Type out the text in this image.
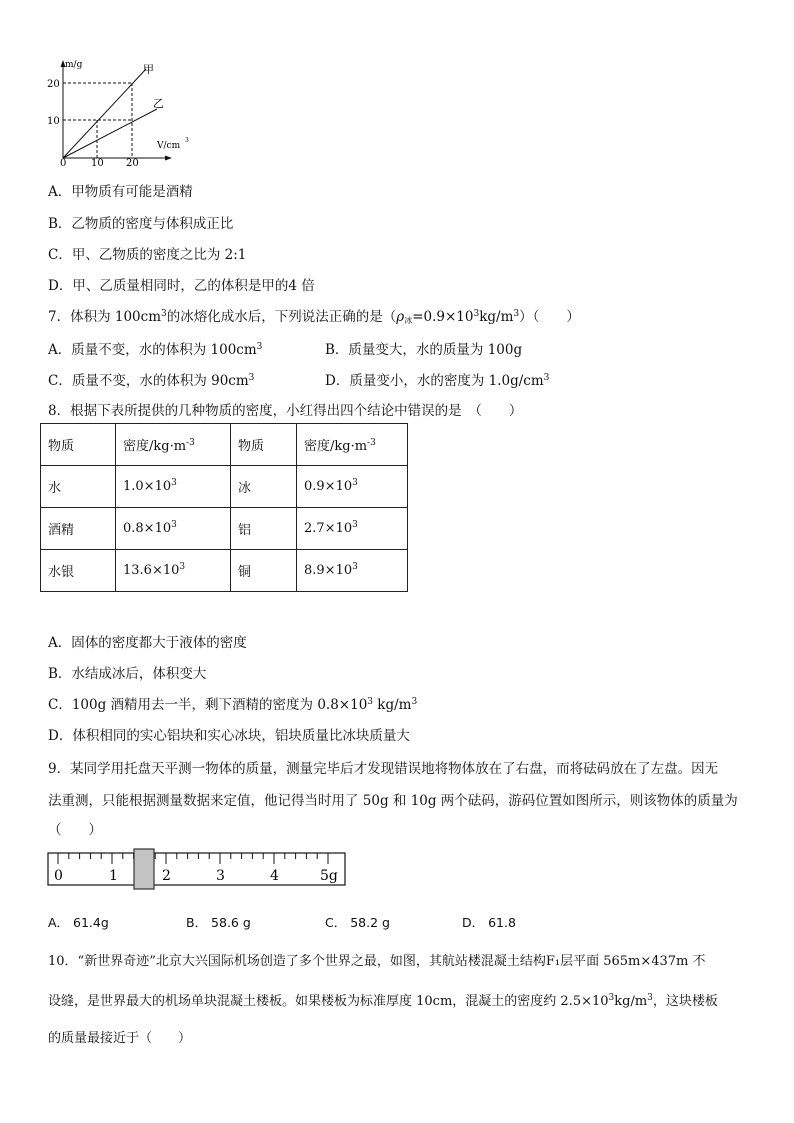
m/g	甲
乙
20
10
0 10 20
V/cm
3
A．甲物质有可能是酒精
B．乙物质的密度与体积成正比
C．甲、乙物质的密度之比为 2:1
D．甲、乙质量相同时，乙的体积是甲的4 倍
7．体积为 $100cm^3$的冰熔化成水后，下列说法正确的是$(\rho_冰=0.9\times 10^3kg/m^3)$（　　）
A．质量不变，水的体积为 $100cm^3$	B．质量变大，水的质量为 100g
C．质量不变，水的体积为 $90cm^3$	D．质量变小，水的密度为 $1.0g/cm^3$
8．根据下表所提供的几种物质的密度，小红得出四个结论中错误的是　（　　）
物质	密度$/kg\cdot m^{-3}$	物质	密度$/kg\cdot m^{-3}$
水	$1.0\times 10^3$	冰	$0.9\times 10^3$
酒精	$0.8\times 10^3$	铝	$2.7\times 10^3$
水银	$13.6\times 10^3$	铜	$8.9\times 10^3$
A．固体的密度都大于液体的密度
B．水结成冰后，体积变大
C．100g 酒精用去一半，剩下酒精的密度为 $0.8\times 10^3$ $kg/m^3$
D．体积相同的实心铝块和实心冰块，铝块质量比冰块质量大
9．某同学用托盘天平测一物体的质量，测量完毕后才发现错误地将物体放在了右盘，而将砝码放在了左盘。因无
法重测，只能根据测量数据来定值，他记得当时用了 50g 和 10g 两个砝码，游码位置如图所示，则该物体的质量为
（　　）
0	1	2	3	4	5g
A． 61.4g	B． 58.6 g	C． 58.2 g	D． 61.8
10．“新世界奇迹”北京大兴国际机场创造了多个世界之最，如图，其航站楼混凝土结构F₁层平面 565m×437m 不
设缝，是世界最大的机场单块混凝土楼板。如果楼板为标准厚度 10cm，混凝土的密度约 $2.5\times 10^3kg/m^3$，这块楼板
的质量最接近于（　　）
